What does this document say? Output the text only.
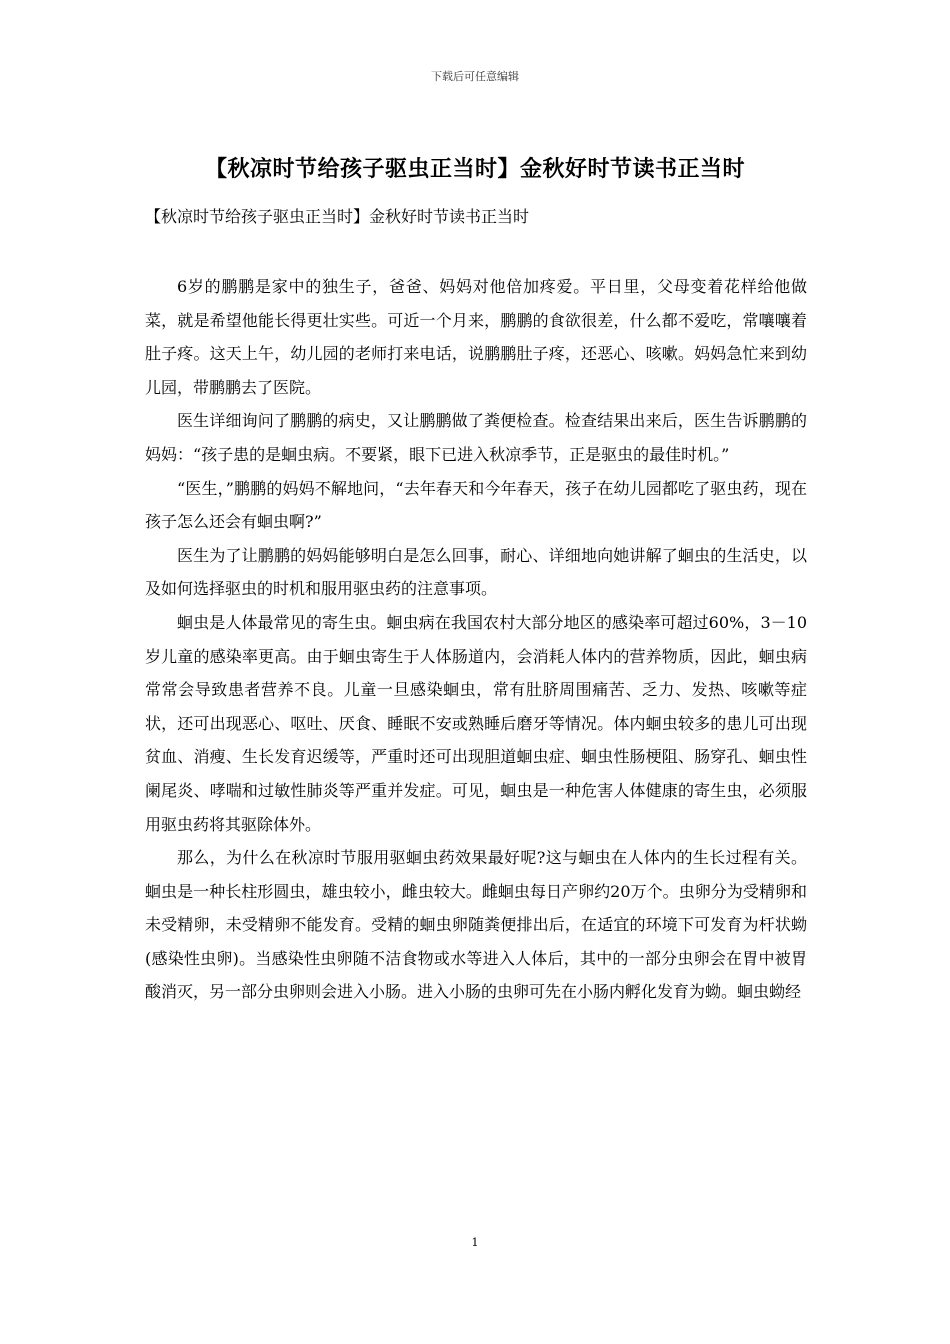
下载后可任意编辑
【秋凉时节给孩子驱虫正当时】金秋好时节读书正当时
【秋凉时节给孩子驱虫正当时】金秋好时节读书正当时

6岁的鹏鹏是家中的独生子，爸爸、妈妈对他倍加疼爱。平日里，父母变着花样给他做菜，就是希望他能长得更壮实些。可近一个月来，鹏鹏的食欲很差，什么都不爱吃，常嚷嚷着肚子疼。这天上午，幼儿园的老师打来电话，说鹏鹏肚子疼，还恶心、咳嗽。妈妈急忙来到幼儿园，带鹏鹏去了医院。

医生详细询问了鹏鹏的病史，又让鹏鹏做了粪便检查。检查结果出来后，医生告诉鹏鹏的妈妈：“孩子患的是蛔虫病。不要紧，眼下已进入秋凉季节，正是驱虫的最佳时机。”

“医生，”鹏鹏的妈妈不解地问，“去年春天和今年春天，孩子在幼儿园都吃了驱虫药，现在孩子怎么还会有蛔虫啊?”

医生为了让鹏鹏的妈妈能够明白是怎么回事，耐心、详细地向她讲解了蛔虫的生活史，以及如何选择驱虫的时机和服用驱虫药的注意事项。

蛔虫是人体最常见的寄生虫。蛔虫病在我国农村大部分地区的感染率可超过60%，3－10岁儿童的感染率更高。由于蛔虫寄生于人体肠道内，会消耗人体内的营养物质，因此，蛔虫病常常会导致患者营养不良。儿童一旦感染蛔虫，常有肚脐周围痛苦、乏力、发热、咳嗽等症状，还可出现恶心、呕吐、厌食、睡眠不安或熟睡后磨牙等情况。体内蛔虫较多的患儿可出现贫血、消瘦、生长发育迟缓等，严重时还可出现胆道蛔虫症、蛔虫性肠梗阻、肠穿孔、蛔虫性阑尾炎、哮喘和过敏性肺炎等严重并发症。可见，蛔虫是一种危害人体健康的寄生虫，必须服用驱虫药将其驱除体外。

那么，为什么在秋凉时节服用驱蛔虫药效果最好呢?这与蛔虫在人体内的生长过程有关。蛔虫是一种长柱形圆虫，雄虫较小，雌虫较大。雌蛔虫每日产卵约20万个。虫卵分为受精卵和未受精卵，未受精卵不能发育。受精的蛔虫卵随粪便排出后，在适宜的环境下可发育为杆状蚴(感染性虫卵)。当感染性虫卵随不洁食物或水等进入人体后，其中的一部分虫卵会在胃中被胃酸消灭，另一部分虫卵则会进入小肠。进入小肠的虫卵可先在小肠内孵化发育为蚴。蛔虫蚴经

1
